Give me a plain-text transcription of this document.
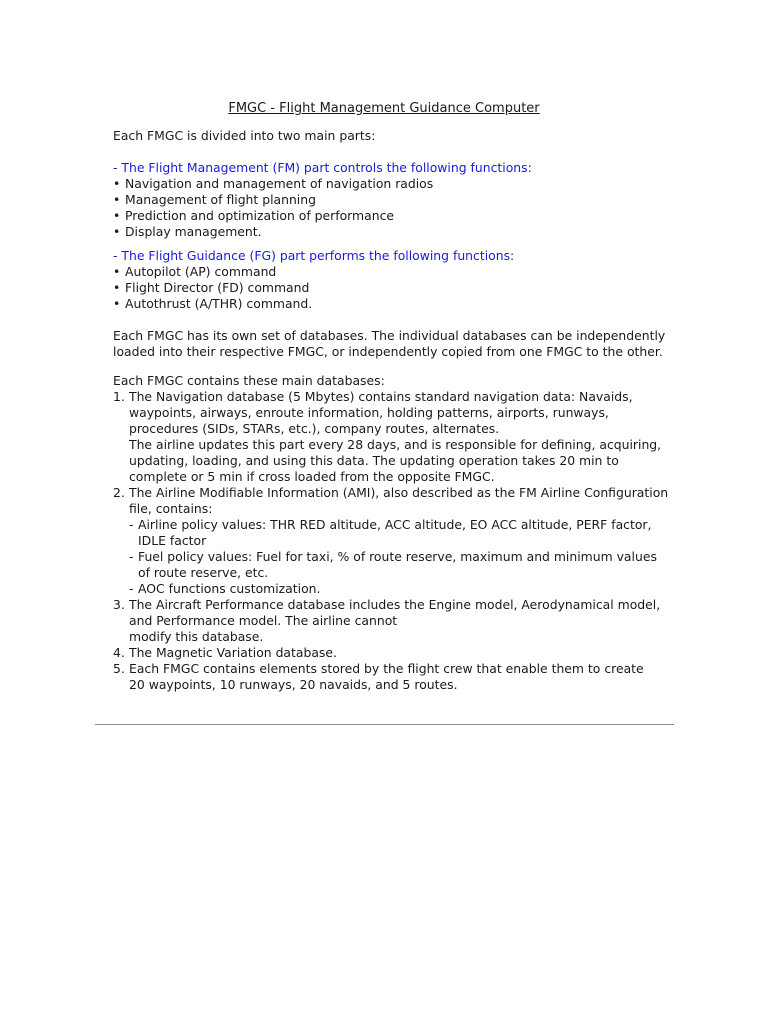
FMGC - Flight Management Guidance Computer
Each FMGC is divided into two main parts:
- The Flight Management (FM) part controls the following functions:
• Navigation and management of navigation radios
• Management of flight planning
• Prediction and optimization of performance
• Display management.
- The Flight Guidance (FG) part performs the following functions:
• Autopilot (AP) command
• Flight Director (FD) command
• Autothrust (A/THR) command.
Each FMGC has its own set of databases. The individual databases can be independently
loaded into their respective FMGC, or independently copied from one FMGC to the other.
Each FMGC contains these main databases:
1. The Navigation database (5 Mbytes) contains standard navigation data: Navaids,
waypoints, airways, enroute information, holding patterns, airports, runways,
procedures (SIDs, STARs, etc.), company routes, alternates.
The airline updates this part every 28 days, and is responsible for defining, acquiring,
updating, loading, and using this data. The updating operation takes 20 min to
complete or 5 min if cross loaded from the opposite FMGC.
2. The Airline Modifiable Information (AMI), also described as the FM Airline Configuration
file, contains:
- Airline policy values: THR RED altitude, ACC altitude, EO ACC altitude, PERF factor,
IDLE factor
- Fuel policy values: Fuel for taxi, % of route reserve, maximum and minimum values
of route reserve, etc.
- AOC functions customization.
3. The Aircraft Performance database includes the Engine model, Aerodynamical model,
and Performance model. The airline cannot
modify this database.
4. The Magnetic Variation database.
5. Each FMGC contains elements stored by the flight crew that enable them to create
20 waypoints, 10 runways, 20 navaids, and 5 routes.
